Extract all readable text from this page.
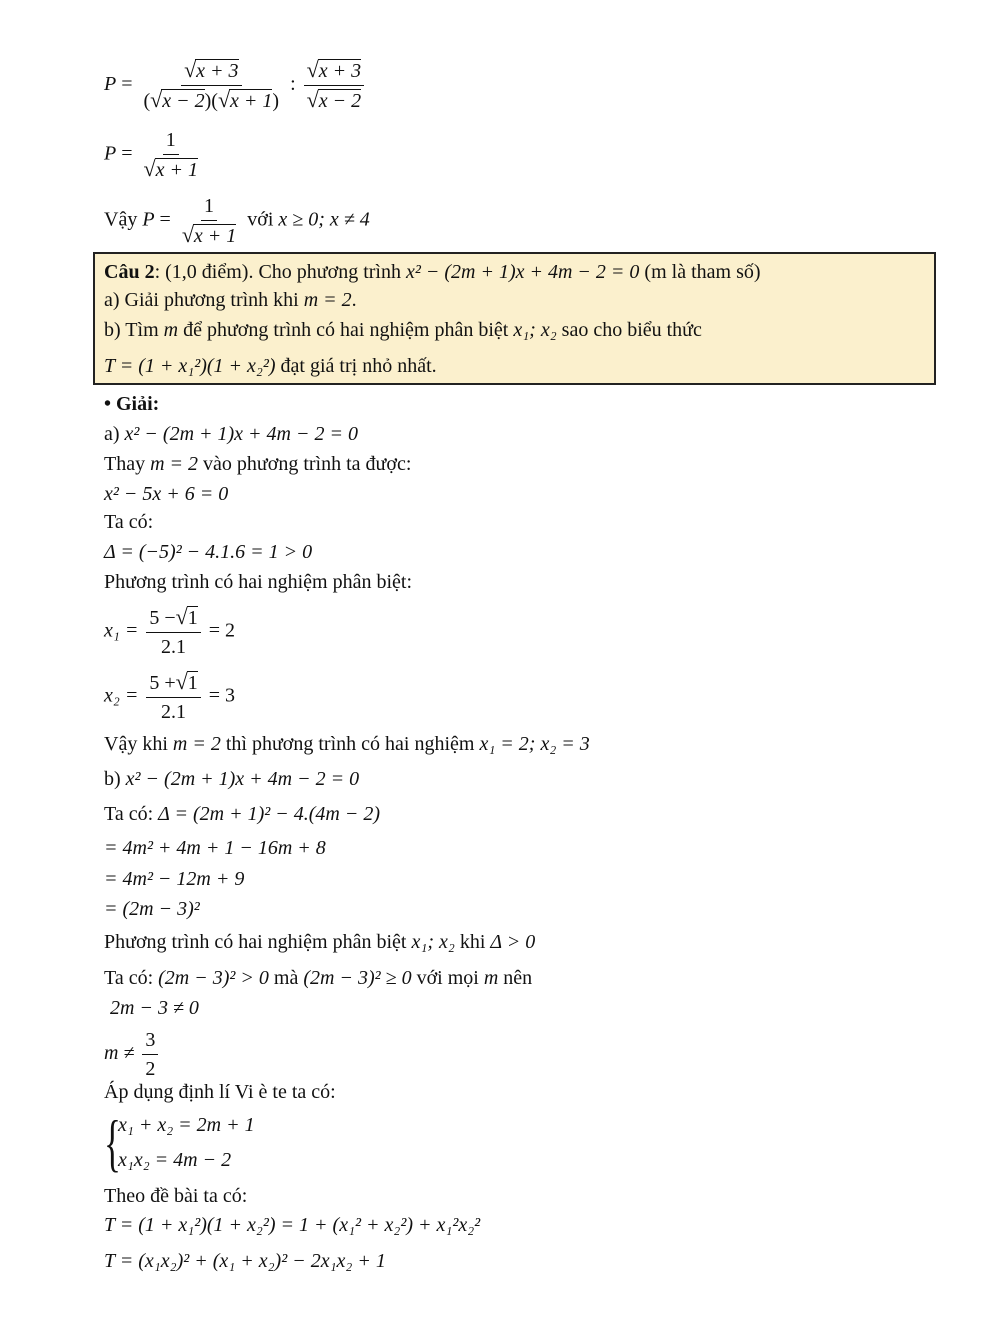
$P = \frac{√x + 3}{(√x - 2)(√x + 1)}$ : $\frac{√x + 3}{√x - 2}$
$P = \frac{1}{√x + 1}$
Vậy $P = \frac{1}{√x + 1}$ với x ≥ 0; x ≠ 4
Câu 2: (1,0 điểm). Cho phương trình x² − (2m + 1)x + 4m − 2 = 0 (m là tham số)
a) Giải phương trình khi m = 2.
b) Tìm m để phương trình có hai nghiệm phân biệt x₁; x₂ sao cho biểu thức
T = (1 + x₁²)(1 + x₂²) đạt giá trị nhỏ nhất.
• Giải:
a) x² − (2m + 1)x + 4m − 2 = 0
Thay m = 2 vào phương trình ta được:
x² − 5x + 6 = 0
Ta có:
Δ = (−5)² − 4.1.6 = 1 > 0
Phương trình có hai nghiệm phân biệt:
$x_1 = \frac{5 -√1}{2.1} = 2$
$x_2 = \frac{5 +√1}{2.1} = 3$
Vậy khi m = 2 thì phương trình có hai nghiệm x₁ = 2; x₂ = 3
b) x² − (2m + 1)x + 4m − 2 = 0
Ta có: Δ = (2m + 1)² − 4.(4m − 2)
= 4m² + 4m + 1 − 16m + 8
= 4m² − 12m + 9
= (2m − 3)²
Phương trình có hai nghiệm phân biệt x₁; x₂ khi Δ > 0
Ta có: (2m − 3)² > 0 mà (2m − 3)² ≥ 0 với mọi m nên
2m − 3 ≠ 0
$m \ne \frac{3}{2}$
Áp dụng định lí Vi è te ta có:
{
x₁ + x₂ = 2m + 1
x₁x₂ = 4m − 2
Theo đề bài ta có:
T = (1 + x₁²)(1 + x₂²) = 1 + (x₁² + x₂²) + x₁²x₂²
T = (x₁x₂)² + (x₁ + x₂)² − 2x₁x₂ + 1
